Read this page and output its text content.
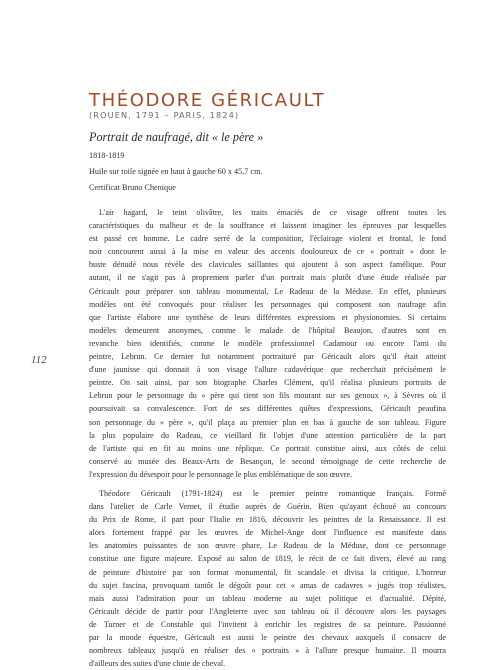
THÉODORE GÉRICAULT
(ROUEN, 1791 – PARIS, 1824)
Portrait de naufragé, dit « le père »
1818-1819
Huile sur toile signée en haut à gauche 60 x 45,7 cm.
Certificat Bruno Chenique
112
L'air hagard, le teint olivâtre, les traits émaciés de ce visage offrent toutes les
caractéristiques du malheur et de la souffrance et laissent imaginer les épreuves par lesquelles
est passé cet homme. Le cadre serré de la composition, l'éclairage violent et frontal, le fond
noir concourent aussi à la mise en valeur des accents douloureux de ce « portrait » dont le
buste dénudé nous révèle des clavicules saillantes qui ajoutent à son aspect famélique. Pour
autant, il ne s'agit pas à proprement parler d'un portrait mais plutôt d'une étude réalisée par
Géricault pour préparer son tableau monumental, Le Radeau de la Méduse. En effet, plusieurs
modèles ont été convoqués pour réaliser les personnages qui composent son naufrage afin
que l'artiste élabore une synthèse de leurs différentes expressions et physionomies. Si certains
modèles demeurent anonymes, comme le malade de l'hôpital Beaujon, d'autres sont en
revanche bien identifiés, comme le modèle professionnel Cadamour ou encore l'ami du
peintre, Lebrun. Ce dernier fut notamment portraituré par Géricault alors qu'il était atteint
d'une jaunisse qui donnait à son visage l'allure cadavérique que recherchait précisément le
peintre. On sait ainsi, par son biographe Charles Clément, qu'il réalisa plusieurs portraits de
Lebrun pour le personnage du « père qui tient son fils mourant sur ses genoux », à Sèvres où il
poursuivait sa convalescence. Fort de ses différentes quêtes d'expressions, Géricault peaufina
son personnage du « père », qu'il plaça au premier plan en bas à gauche de son tableau. Figure
la plus populaire du Radeau, ce vieillard fit l'objet d'une attention particulière de la part
de l'artiste qui en fit au moins une réplique. Ce portrait constitue ainsi, aux côtés de celui
conservé au musée des Beaux-Arts de Besançon, le second témoignage de cette recherche de
l'expression du désespoir pour le personnage le plus emblématique de son œuvre.
Théodore Géricault (1791-1824) est le premier peintre romantique français. Formé
dans l'atelier de Carle Vernet, il étudie auprès de Guérin. Bien qu'ayant échoué au concours
du Prix de Rome, il part pour l'Italie en 1816, découvrir les peintres de la Renaissance. Il est
alors fortement frappé par les œuvres de Michel-Ange dont l'influence est manifeste dans
les anatomies puissantes de son œuvre phare, Le Radeau de la Méduse, dont ce personnage
constitue une figure majeure. Exposé au salon de 1819, le récit de ce fait divers, élevé au rang
de peinture d'histoire par son format monumental, fit scandale et divisa la critique. L'horreur
du sujet fascina, provoquant tantôt le dégoût pour cet « amas de cadavres » jugés trop réalistes,
mais aussi l'admiration pour un tableau moderne au sujet politique et d'actualité. Dépité,
Géricault décide de partir pour l'Angleterre avec son tableau où il découvre alors les paysages
de Turner et de Constable qui l'invitent à enrichir les registres de sa peinture. Passionné
par la monde équestre, Géricault est aussi le peintre des chevaux auxquels il consacre de
nombreux tableaux jusqu'à en réaliser des « portraits » à l'allure presque humaine. Il mourra
d'ailleurs des suites d'une chute de cheval.
